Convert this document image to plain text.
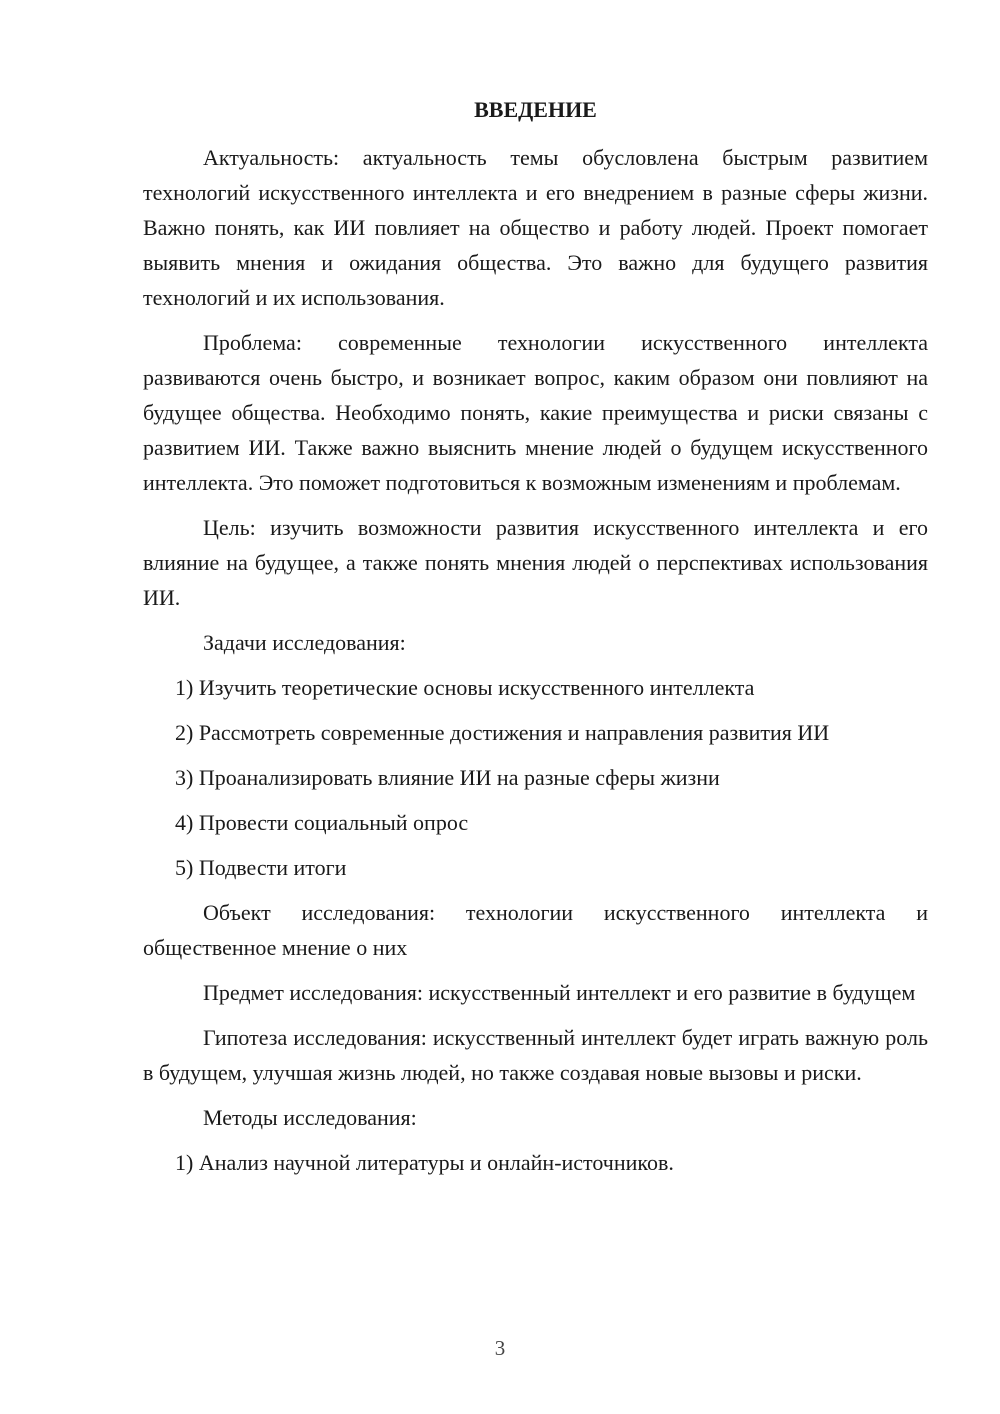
ВВЕДЕНИЕ

Актуальность: актуальность темы обусловлена быстрым развитием технологий искусственного интеллекта и его внедрением в разные сферы жизни. Важно понять, как ИИ повлияет на общество и работу людей. Проект помогает выявить мнения и ожидания общества. Это важно для будущего развития технологий и их использования.

Проблема: современные технологии искусственного интеллекта развиваются очень быстро, и возникает вопрос, каким образом они повлияют на будущее общества. Необходимо понять, какие преимущества и риски связаны с развитием ИИ. Также важно выяснить мнение людей о будущем искусственного интеллекта. Это поможет подготовиться к возможным изменениям и проблемам.

Цель: изучить возможности развития искусственного интеллекта и его влияние на будущее, а также понять мнения людей о перспективах использования ИИ.

Задачи исследования:

1) Изучить теоретические основы искусственного интеллекта
2) Рассмотреть современные достижения и направления развития ИИ
3) Проанализировать влияние ИИ на разные сферы жизни
4) Провести социальный опрос
5) Подвести итоги

Объект исследования: технологии искусственного интеллекта и общественное мнение о них

Предмет исследования: искусственный интеллект и его развитие в будущем

Гипотеза исследования: искусственный интеллект будет играть важную роль в будущем, улучшая жизнь людей, но также создавая новые вызовы и риски.

Методы исследования:

1) Анализ научной литературы и онлайн-источников.
3
